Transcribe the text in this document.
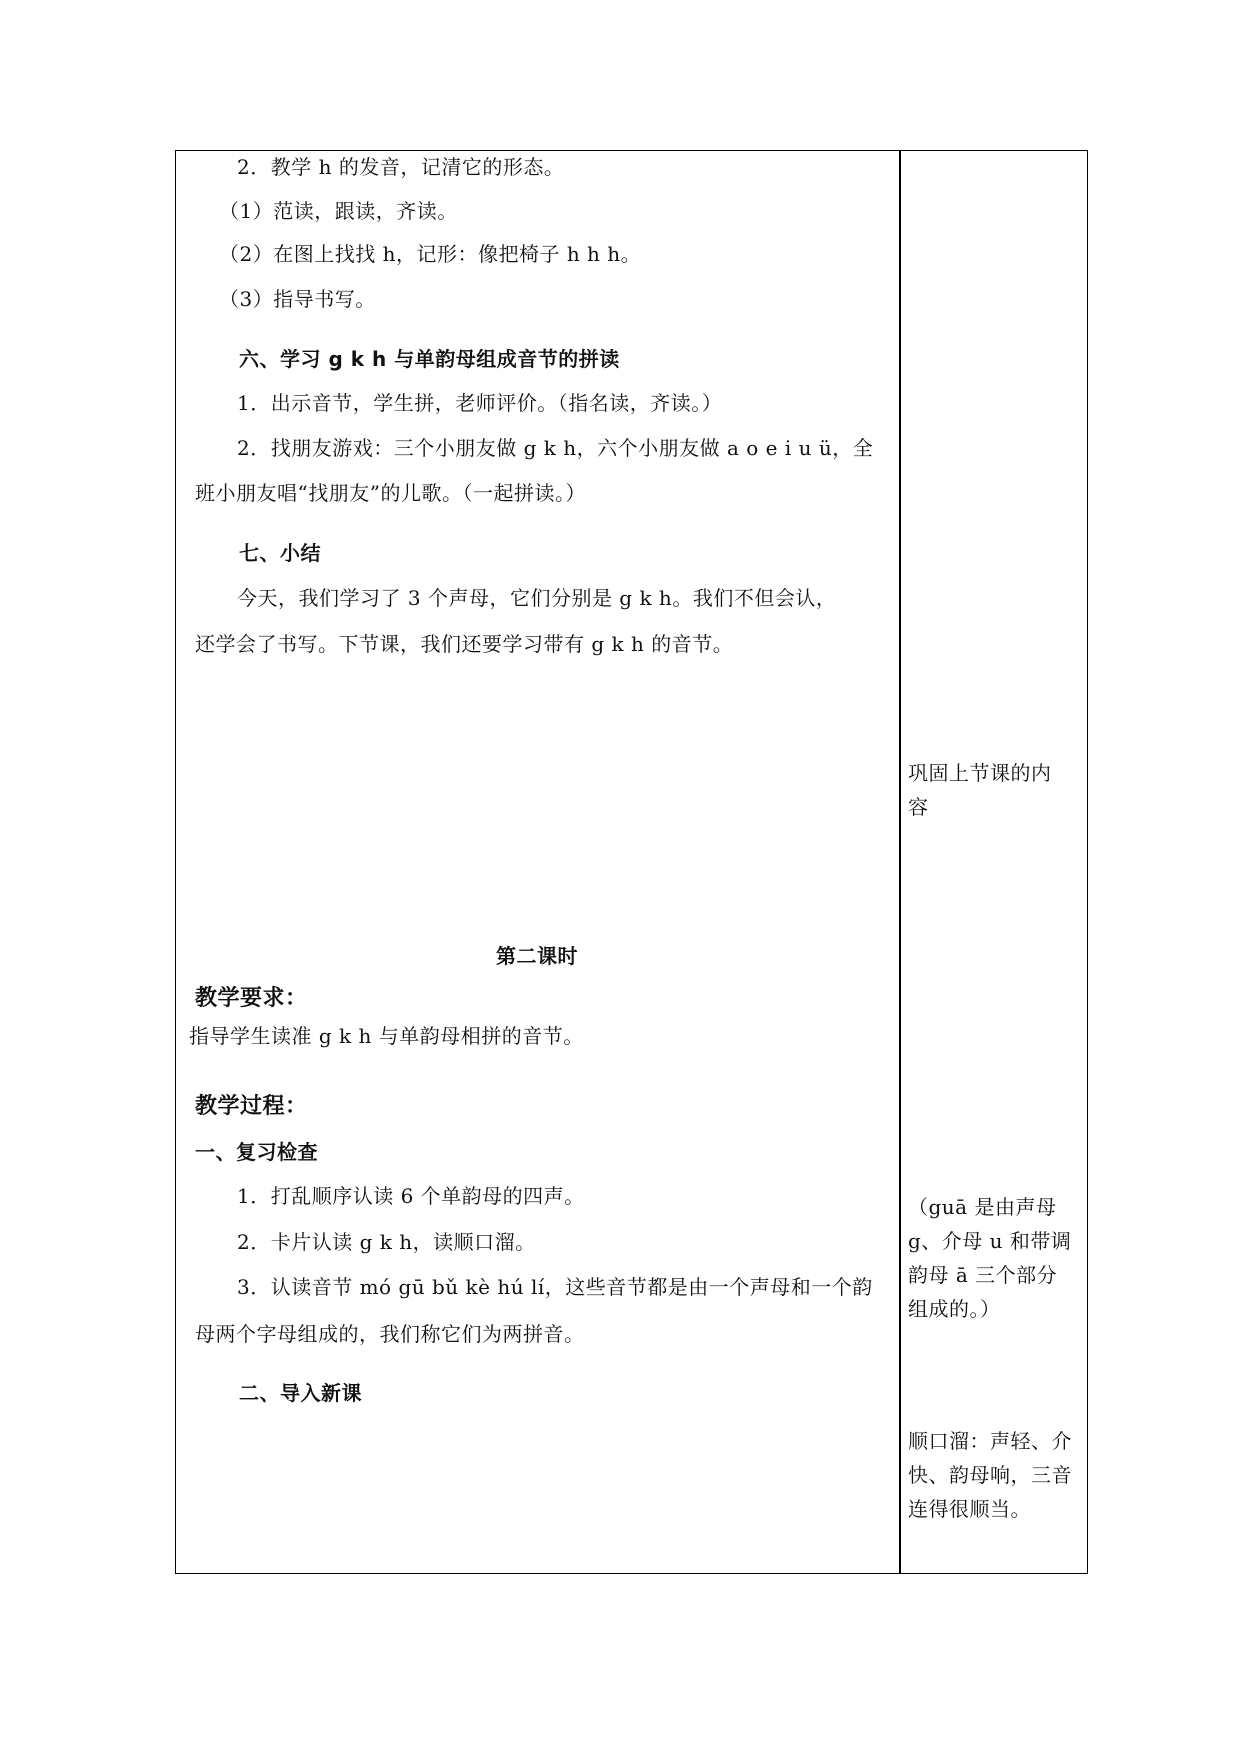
2．教学 h 的发音，记清它的形态。
（1）范读，跟读，齐读。
（2）在图上找找 h，记形：像把椅子 h h h。
（3）指导书写。
六、学习 g k h 与单韵母组成音节的拼读
1．出示音节，学生拼，老师评价。（指名读，齐读。）
2．找朋友游戏：三个小朋友做 g k h，六个小朋友做 a o e i u ü，全
班小朋友唱“找朋友”的儿歌。（一起拼读。）
七、小结
今天，我们学习了 3 个声母，它们分别是 g k h。我们不但会认，
还学会了书写。下节课，我们还要学习带有 g k h 的音节。
第二课时
教学要求：
指导学生读准 g k h 与单韵母相拼的音节。
教学过程：
一、复习检查
1．打乱顺序认读 6 个单韵母的四声。
2．卡片认读 g k h，读顺口溜。
3．认读音节 mó gū bǔ kè hú lí，这些音节都是由一个声母和一个韵
母两个字母组成的，我们称它们为两拼音。
二、导入新课
巩固上节课的内
容
（guā 是由声母
g、介母 u 和带调
韵母 ā 三个部分
组成的。）
顺口溜：声轻、介
快、韵母响，三音
连得很顺当。
